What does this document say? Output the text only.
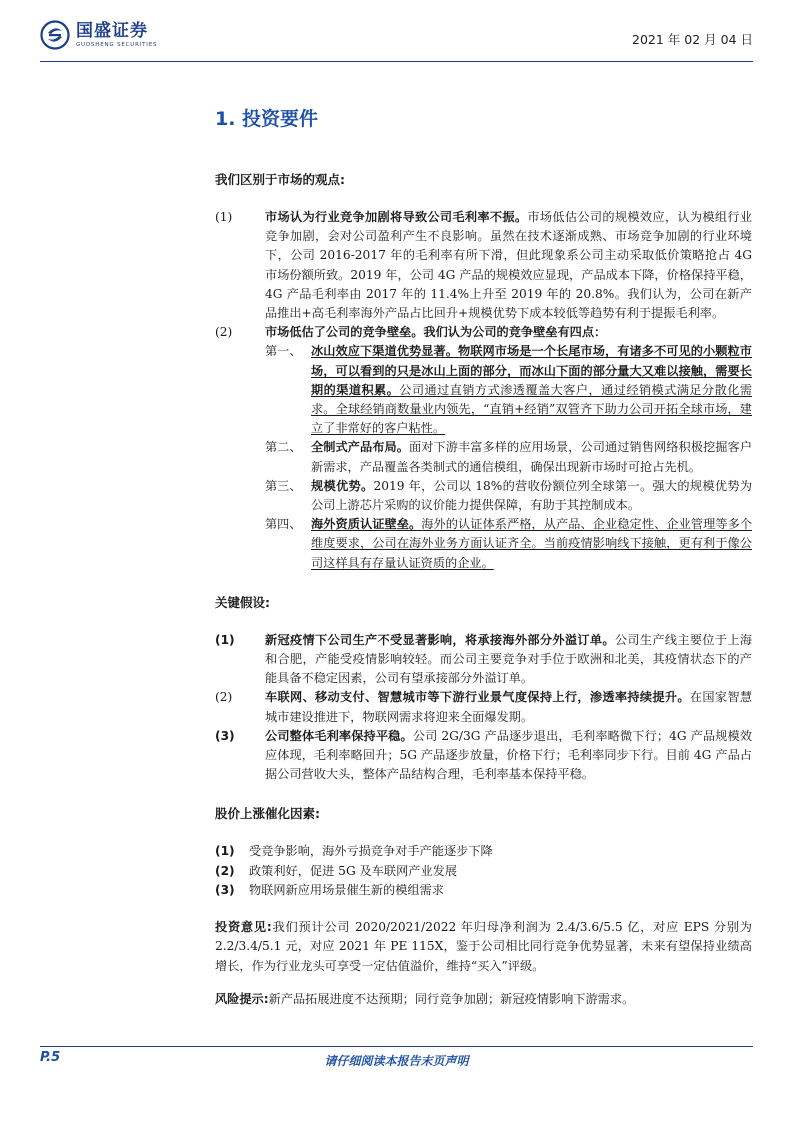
国盛证券
GUOSHENG SECURITIES	2021 年 02 月 04 日
1. 投资要件
我们区别于市场的观点:
(1)	市场认为行业竞争加剧将导致公司毛利率不振。市场低估公司的规模效应，认为模组行业竞争加剧，会对公司盈利产生不良影响。虽然在技术逐渐成熟、市场竞争加剧的行业环境下，公司 2016-2017 年的毛利率有所下滑，但此现象系公司主动采取低价策略抢占 4G 市场份额所致。2019 年，公司 4G 产品的规模效应显现，产品成本下降，价格保持平稳，4G 产品毛利率由 2017 年的 11.4%上升至 2019 年的 20.8%。我们认为，公司在新产品推出+高毛利率海外产品占比回升+规模优势下成本较低等趋势有利于提振毛利率。

(2)	市场低估了公司的竞争壁垒。我们认为公司的竞争壁垒有四点：

第一、 冰山效应下渠道优势显著。物联网市场是一个长尾市场，有诸多不可见的小颗粒市场，可以看到的只是冰山上面的部分，而冰山下面的部分量大又难以接触，需要长期的渠道积累。公司通过直销方式渗透覆盖大客户，通过经销模式满足分散化需求。全球经销商数量业内领先，“直销+经销”双管齐下助力公司开拓全球市场，建立了非常好的客户粘性。

第二、 全制式产品布局。面对下游丰富多样的应用场景，公司通过销售网络积极挖掘客户新需求，产品覆盖各类制式的通信模组，确保出现新市场时可抢占先机。

第三、 规模优势。2019 年，公司以 18%的营收份额位列全球第一。强大的规模优势为公司上游芯片采购的议价能力提供保障，有助于其控制成本。

第四、 海外资质认证壁垒。海外的认证体系严格，从产品、企业稳定性、企业管理等多个维度要求，公司在海外业务方面认证齐全。当前疫情影响线下接触，更有利于像公司这样具有存量认证资质的企业。

关键假设:
(1)	新冠疫情下公司生产不受显著影响，将承接海外部分外溢订单。公司生产线主要位于上海和合肥，产能受疫情影响较轻。而公司主要竞争对手位于欧洲和北美，其疫情状态下的产能具备不稳定因素，公司有望承接部分外溢订单。

(2)	车联网、移动支付、智慧城市等下游行业景气度保持上行，渗透率持续提升。在国家智慧城市建设推进下，物联网需求将迎来全面爆发期。

(3)	公司整体毛利率保持平稳。公司 2G/3G 产品逐步退出，毛利率略微下行；4G 产品规模效应体现，毛利率略回升；5G 产品逐步放量，价格下行；毛利率同步下行。目前 4G 产品占据公司营收大头，整体产品结构合理，毛利率基本保持平稳。

股价上涨催化因素:
(1)	受竞争影响，海外亏损竞争对手产能逐步下降

(2)	政策利好，促进 5G 及车联网产业发展

(3)	物联网新应用场景催生新的模组需求

投资意见:我们预计公司 2020/2021/2022 年归母净利润为 2.4/3.6/5.5 亿，对应 EPS 分别为 2.2/3.4/5.1 元，对应 2021 年 PE 115X，鉴于公司相比同行竞争优势显著，未来有望保持业绩高增长，作为行业龙头可享受一定估值溢价，维持“买入”评级。

风险提示:新产品拓展进度不达预期；同行竞争加剧；新冠疫情影响下游需求。

P.5	请仔细阅读本报告末页声明
